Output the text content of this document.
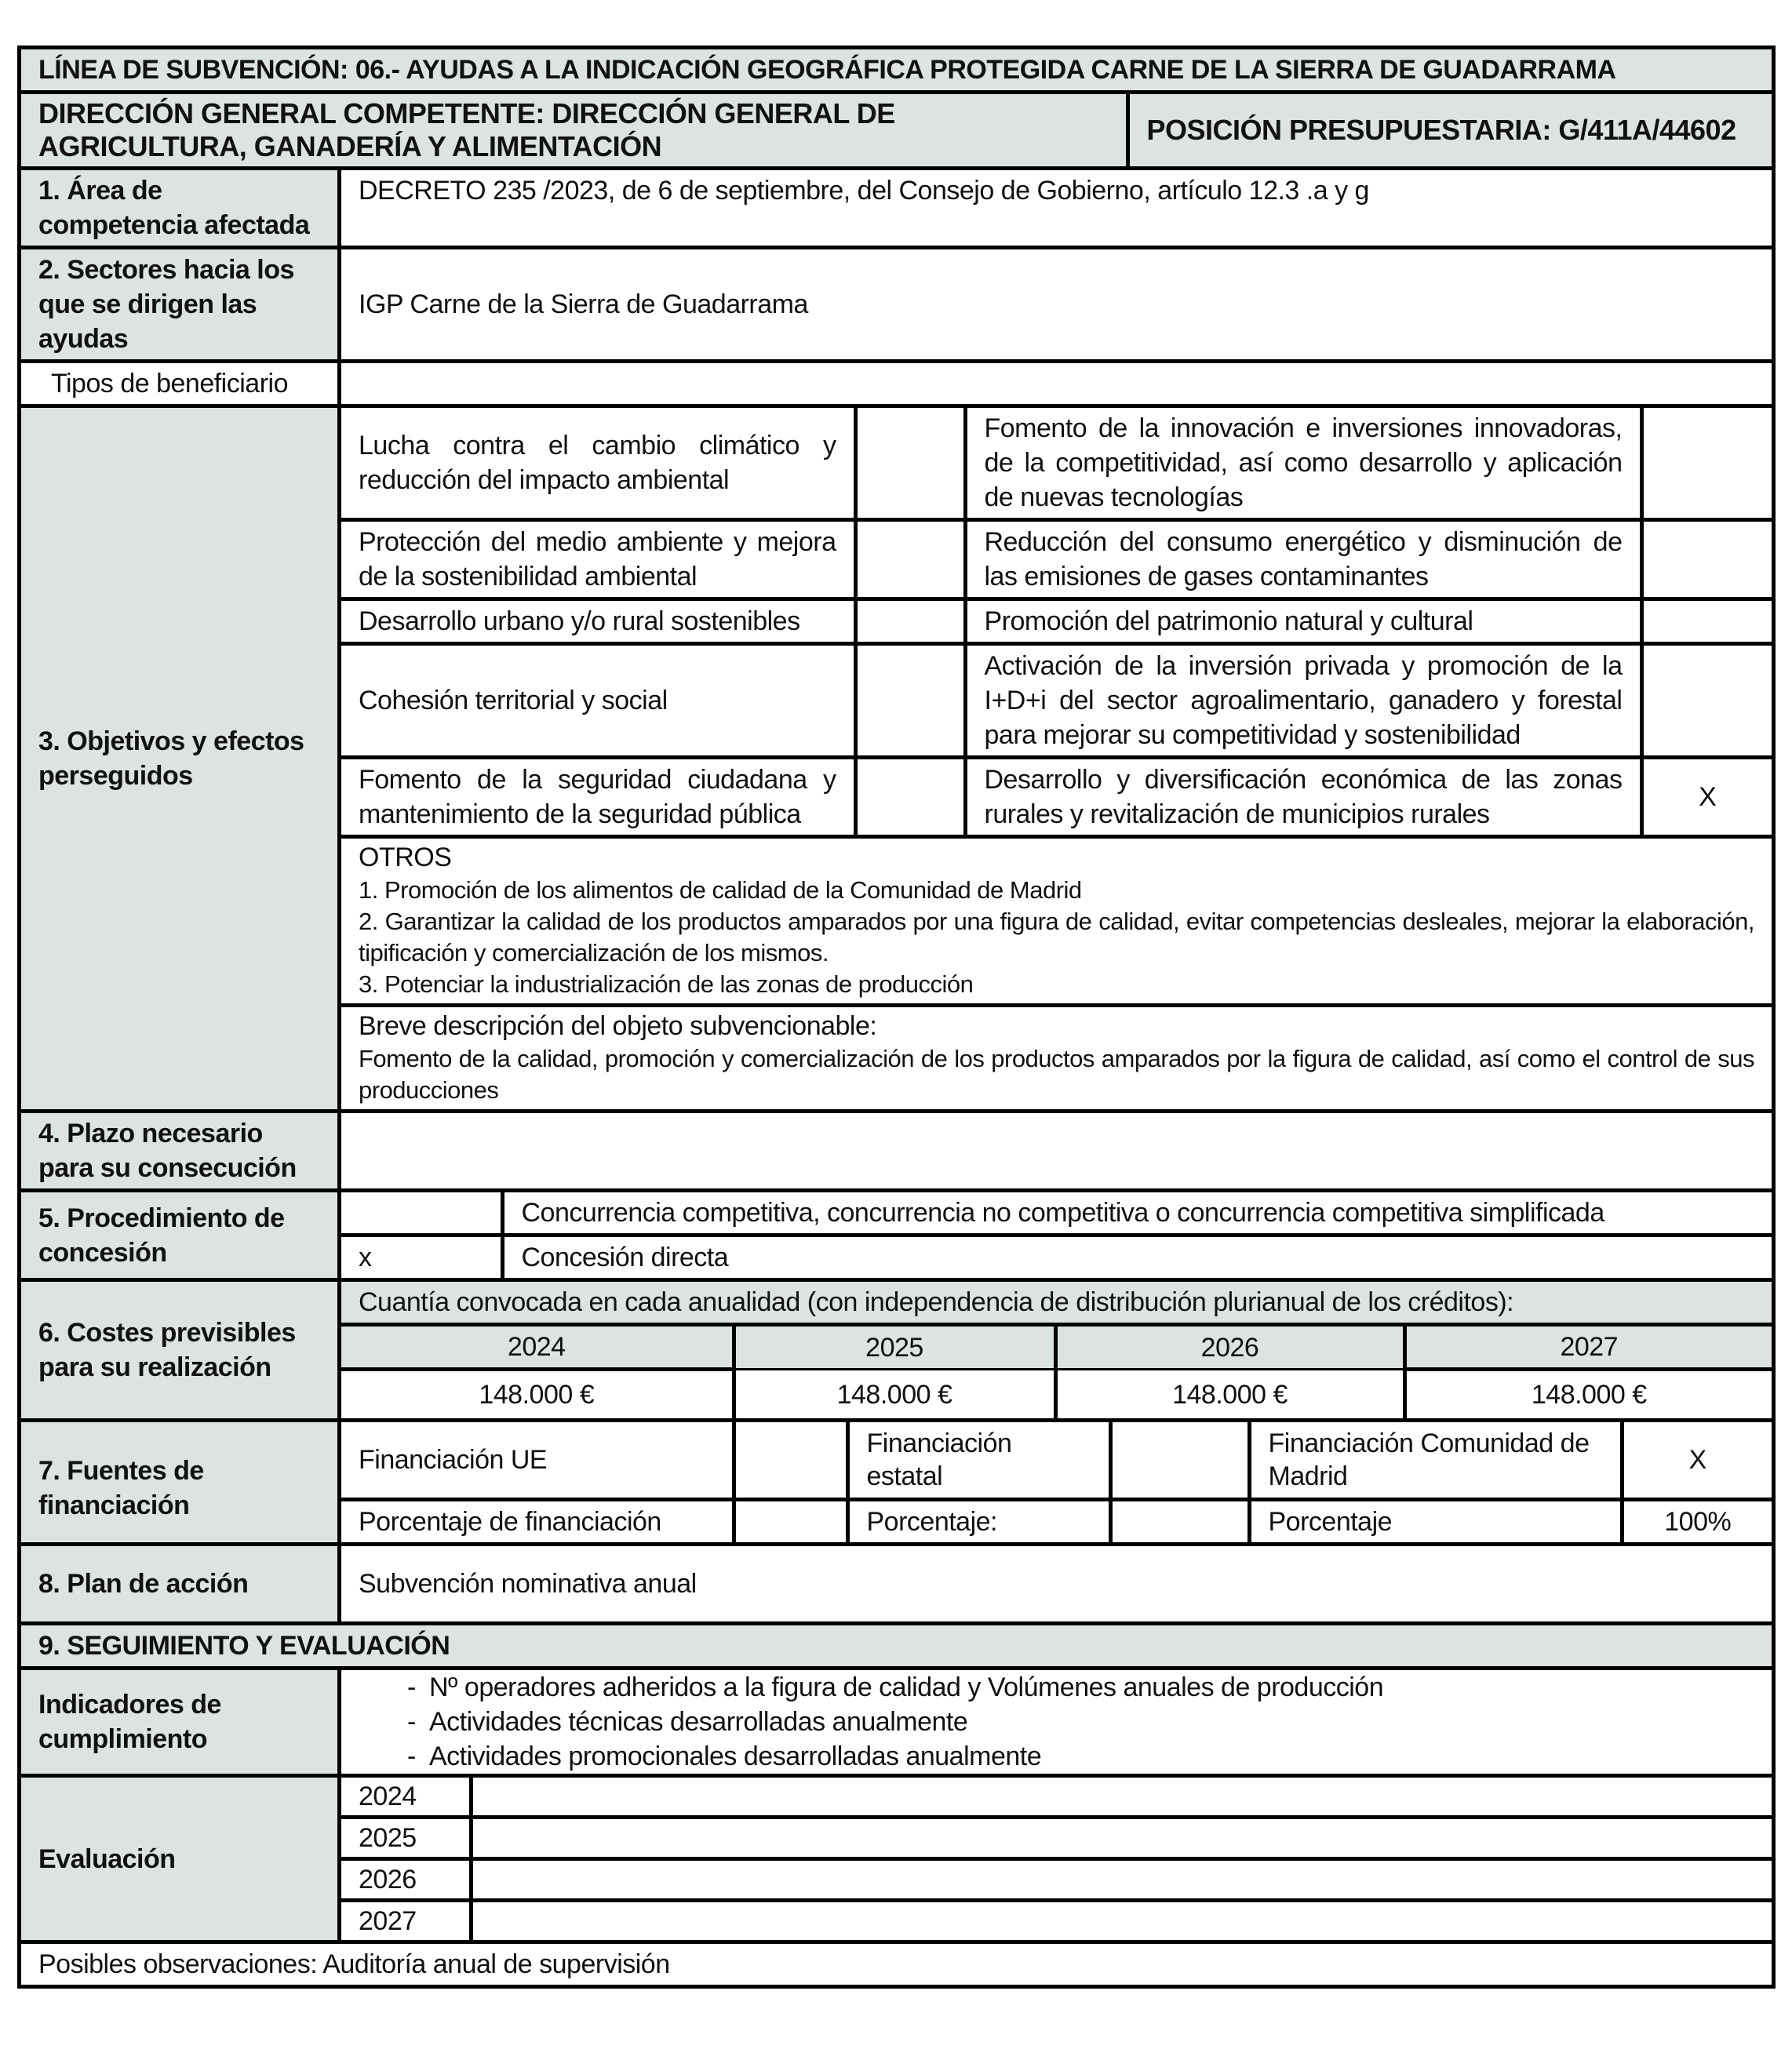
LÍNEA DE SUBVENCIÓN: 06.- AYUDAS A LA INDICACIÓN GEOGRÁFICA PROTEGIDA CARNE DE LA SIERRA DE GUADARRAMA

DIRECCIÓN GENERAL COMPETENTE: DIRECCIÓN GENERAL DE AGRICULTURA, GANADERÍA Y ALIMENTACIÓN	POSICIÓN PRESUPUESTARIA: G/411A/44602

1. Área de competencia afectada	DECRETO 235 /2023, de 6 de septiembre, del Consejo de Gobierno, artículo 12.3 .a y g
2. Sectores hacia los que se dirigen las ayudas	IGP Carne de la Sierra de Guadarrama
Tipos de beneficiario	
3. Objetivos y efectos perseguidos	
Lucha contra el cambio climático y reducción del impacto ambiental		Fomento de la innovación e inversiones innovadoras, de la competitividad, así como desarrollo y aplicación de nuevas tecnologías	
Protección del medio ambiente y mejora de la sostenibilidad ambiental		Reducción del consumo energético y disminución de las emisiones de gases contaminantes	
Desarrollo urbano y/o rural sostenibles		Promoción del patrimonio natural y cultural	
Cohesión territorial y social		Activación de la inversión privada y promoción de la I+D+i del sector agroalimentario, ganadero y forestal para mejorar su competitividad y sostenibilidad	
Fomento de la seguridad ciudadana y mantenimiento de la seguridad pública		Desarrollo y diversificación económica de las zonas rurales y revitalización de municipios rurales	X

OTROS

1. Promoción de los alimentos de calidad de la Comunidad de Madrid

2. Garantizar la calidad de los productos amparados por una figura de calidad, evitar competencias desleales, mejorar la elaboración, tipificación y comercialización de los mismos.

3. Potenciar la industrialización de las zonas de producción

Breve descripción del objeto subvencionable:
Fomento de la calidad, promoción y comercialización de los productos amparados por la figura de calidad, así como el control de sus producciones

4. Plazo necesario para su consecución	
5. Procedimiento de concesión	
	Concurrencia competitiva, concurrencia no competitiva o concurrencia competitiva simplificada
x	Concesión directa

6. Costes previsibles para su realización	
Cuantía convocada en cada anualidad (con independencia de distribución plurianual de los créditos):
2024	2025	2026	2027
148.000 €	148.000 €	148.000 €	148.000 €

7. Fuentes de financiación	
Financiación UE		Financiación estatal		Financiación Comunidad de Madrid	X
Porcentaje de financiación		Porcentaje:		Porcentaje	100%

8. Plan de acción	Subvención nominativa anual
9. SEGUIMIENTO Y EVALUACIÓN
Indicadores de cumplimiento	
- Nº operadores adheridos a la figura de calidad y Volúmenes anuales de producción
- Actividades técnicas desarrolladas anualmente
- Actividades promocionales desarrolladas anualmente

Evaluación	
2024	
2025	
2026	
2027	

Posibles observaciones: Auditoría anual de supervisión
